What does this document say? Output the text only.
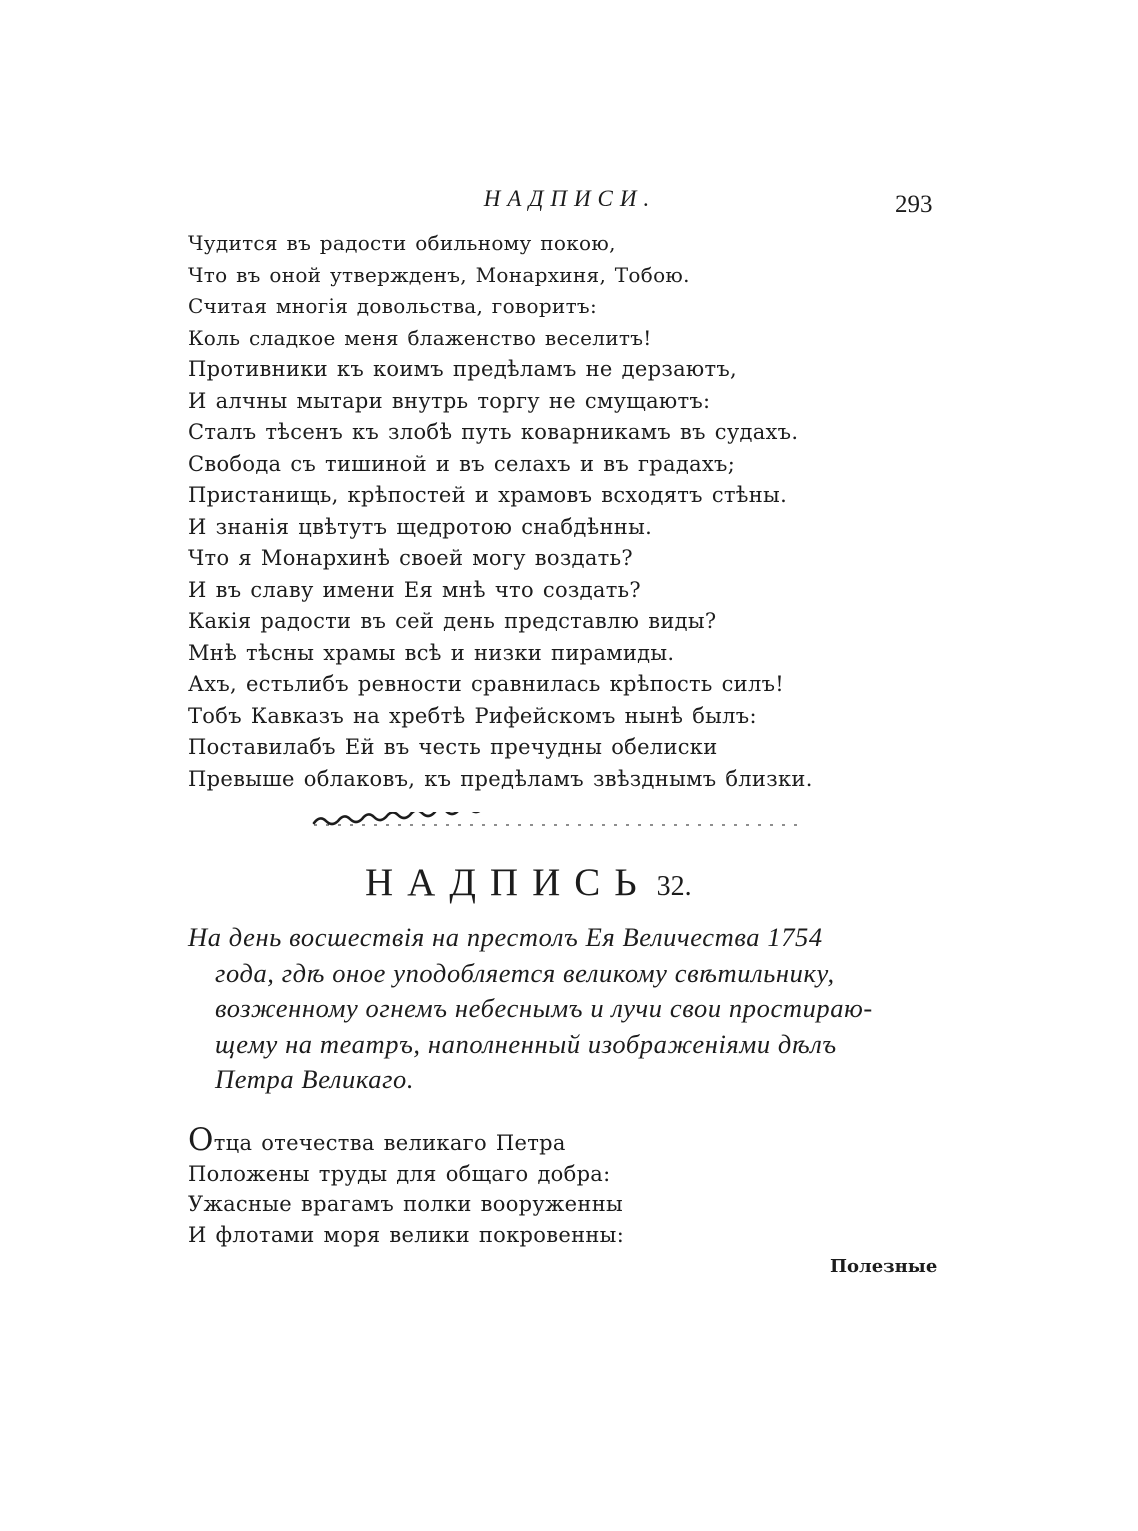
НАДПИСИ.	293
Чудится въ радости обильному покою,
Что въ оной утвержденъ, Монархиня, Тобою.
Считая многія довольства, говоритъ:
Коль сладкое меня блаженство веселитъ!
Противники къ коимъ предѣламъ не дерзаютъ,
И алчны мытари внутрь торгу не смущаютъ:
Сталъ тѣсенъ къ злобѣ путь коварникамъ въ судахъ.
Свобода съ тишиной и въ селахъ и въ градахъ;
Пристанищь, крѣпостей и храмовъ всходятъ стѣны.
И знанія цвѣтутъ щедротою снабдѣнны.
Что я Монархинѣ своей могу воздать?
И въ славу имени Ея мнѣ что создать?
Какія радости въ сей день представлю виды?
Мнѣ тѣсны храмы всѣ и низки пирамиды.
Ахъ, естьлибъ ревности сравнилась крѣпость силъ!
Тобъ Кавказъ на хребтѣ Рифейскомъ нынѣ былъ:
Поставилабъ Ей въ честь пречудны обелиски
Превыше облаковъ, къ предѣламъ звѣзднымъ близки.
НАДПИСЬ 32.
На день восшествія на престолъ Ея Величества 1754
года, гдѣ оное уподобляется великому свѣтильнику,
возженному огнемъ небеснымъ и лучи свои простираю-
щему на театръ, наполненный изображеніями дѣлъ
Петра Великаго.
Отца отечества великаго Петра
Положены труды для общаго добра:
Ужасные врагамъ полки вооруженны
И флотами моря велики покровенны:
Полезные
